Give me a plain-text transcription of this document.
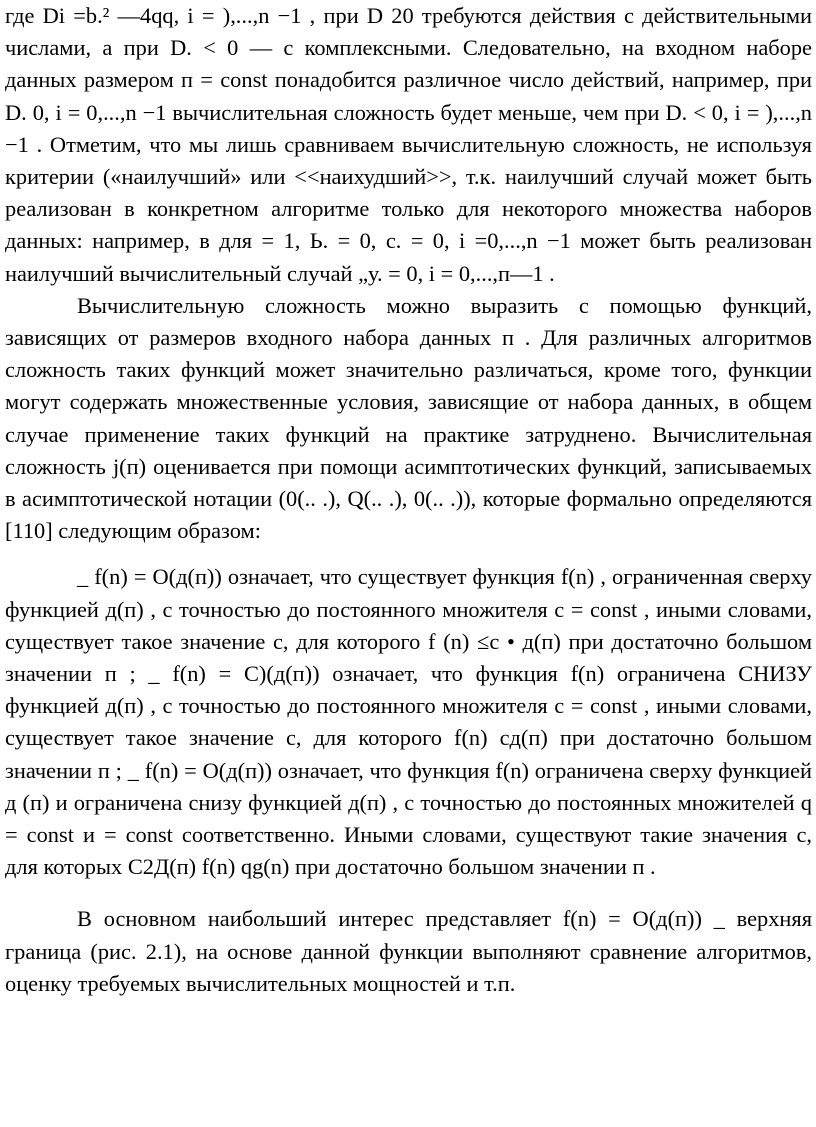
где Di =b.² —4qq, i = ),...,n −1 , при D 20 требуются действия с действительными числами, а при D. < 0 — с комплексными. Следовательно, на входном наборе данных размером п = const понадобится различное число действий, например, при D. 0, i = 0,...,n −1 вычислительная сложность будет меньше, чем при D. < 0, i = ),...,n −1 . Отметим, что мы лишь сравниваем вычислительную сложность, не используя критерии («наилучший» или <<наихудший>>, т.к. наилучший случай может быть реализован в конкретном алгоритме только для некоторого множества наборов данных: например, в для = 1, Ь. = 0, с. = 0, i =0,...,n −1 может быть реализован наилучший вычислительный случай „у. = 0, i = 0,...,п—1 .

Вычислительную сложность можно выразить с помощью функций, зависящих от размеров входного набора данных п . Для различных алгоритмов сложность таких функций может значительно различаться, кроме того, функции могут содержать множественные условия, зависящие от набора данных, в общем случае применение таких функций на практике затруднено. Вычислительная сложность j(п) оценивается при помощи асимптотических функций, записываемых в асимптотической нотации (0(.. .), Q(.. .), 0(.. .)), которые формально определяются [110] следующим образом:

_ f(n) = О(д(п)) означает, что существует функция f(n) , ограниченная сверху функцией д(п) , с точностью до постоянного множителя с = const , иными словами, существует такое значение с, для которого f (n) ≤c • д(п) при достаточно большом значении п ; _ f(n) = С)(д(п)) означает, что функция f(n) ограничена СНИЗУ функцией д(п) , с точностью до постоянного множителя с = const , иными словами, существует такое значение с, для которого f(n) сд(п) при достаточно большом значении п ; _ f(n) = О(д(п)) означает, что функция f(n) ограничена сверху функцией д (п) и ограничена снизу функцией д(п) , с точностью до постоянных множителей q = const и = const соответственно. Иными словами, существуют такие значения с, для которых С2Д(п) f(n) qg(n) при достаточно большом значении п .

В основном наибольший интерес представляет f(n) = О(д(п)) _ верхняя граница (рис. 2.1), на основе данной функции выполняют сравнение алгоритмов, оценку требуемых вычислительных мощностей и т.п.
